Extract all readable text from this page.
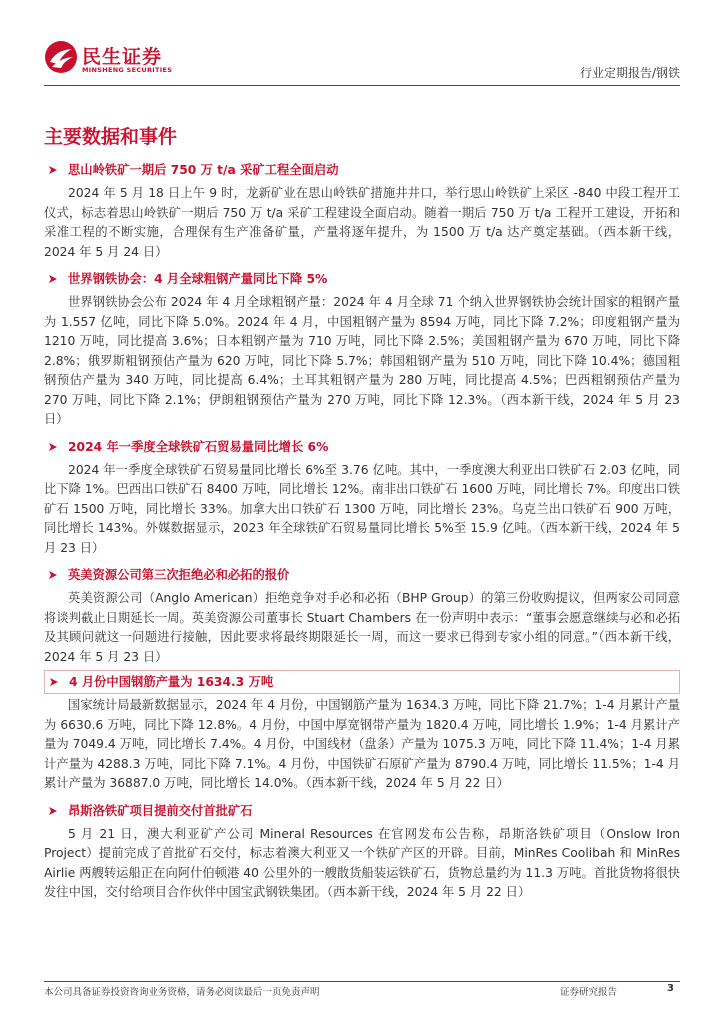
民生证券
MINSHENG SECURITIES	行业定期报告/钢铁
主要数据和事件
思山岭铁矿一期后 750 万 t/a 采矿工程全面启动

2024 年 5 月 18 日上午 9 时，龙新矿业在思山岭铁矿措施井井口，举行思山岭铁矿上采区 -840 中段工程开工仪式，标志着思山岭铁矿一期后 750 万 t/a 采矿工程建设全面启动。随着一期后 750 万 t/a 工程开工建设，开拓和采准工程的不断实施，合理保有生产准备矿量，产量将逐年提升，为 1500 万 t/a 达产奠定基础。（西本新干线，2024 年 5 月 24 日）

世界钢铁协会：4 月全球粗钢产量同比下降 5%

世界钢铁协会公布 2024 年 4 月全球粗钢产量：2024 年 4 月全球 71 个纳入世界钢铁协会统计国家的粗钢产量为 1.557 亿吨，同比下降 5.0%。2024 年 4 月，中国粗钢产量为 8594 万吨，同比下降 7.2%；印度粗钢产量为 1210 万吨，同比提高 3.6%；日本粗钢产量为 710 万吨，同比下降 2.5%；美国粗钢产量为 670 万吨，同比下降 2.8%；俄罗斯粗钢预估产量为 620 万吨，同比下降 5.7%；韩国粗钢产量为 510 万吨，同比下降 10.4%；德国粗钢预估产量为 340 万吨，同比提高 6.4%；土耳其粗钢产量为 280 万吨，同比提高 4.5%；巴西粗钢预估产量为 270 万吨，同比下降 2.1%；伊朗粗钢预估产量为 270 万吨，同比下降 12.3%。（西本新干线，2024 年 5 月 23 日）

2024 年一季度全球铁矿石贸易量同比增长 6%

2024 年一季度全球铁矿石贸易量同比增长 6%至 3.76 亿吨。其中，一季度澳大利亚出口铁矿石 2.03 亿吨，同比下降 1%。巴西出口铁矿石 8400 万吨，同比增长 12%。南非出口铁矿石 1600 万吨，同比增长 7%。印度出口铁矿石 1500 万吨，同比增长 33%。加拿大出口铁矿石 1300 万吨，同比增长 23%。乌克兰出口铁矿石 900 万吨，同比增长 143%。外媒数据显示，2023 年全球铁矿石贸易量同比增长 5%至 15.9 亿吨。（西本新干线，2024 年 5 月 23 日）

英美资源公司第三次拒绝必和必拓的报价

英美资源公司（Anglo American）拒绝竞争对手必和必拓（BHP Group）的第三份收购提议，但两家公司同意将谈判截止日期延长一周。英美资源公司董事长 Stuart Chambers 在一份声明中表示：“董事会愿意继续与必和必拓及其顾问就这一问题进行接触，因此要求将最终期限延长一周，而这一要求已得到专家小组的同意。”（西本新干线，2024 年 5 月 23 日）

4 月份中国钢筋产量为 1634.3 万吨

国家统计局最新数据显示，2024 年 4 月份，中国钢筋产量为 1634.3 万吨，同比下降 21.7%；1-4 月累计产量为 6630.6 万吨，同比下降 12.8%。4 月份，中国中厚宽钢带产量为 1820.4 万吨，同比增长 1.9%；1-4 月累计产量为 7049.4 万吨，同比增长 7.4%。4 月份，中国线材（盘条）产量为 1075.3 万吨，同比下降 11.4%；1-4 月累计产量为 4288.3 万吨，同比下降 7.1%。4 月份，中国铁矿石原矿产量为 8790.4 万吨，同比增长 11.5%；1-4 月累计产量为 36887.0 万吨，同比增长 14.0%。（西本新干线，2024 年 5 月 22 日）

昂斯洛铁矿项目提前交付首批矿石

5 月 21 日，澳大利亚矿产公司 Mineral Resources 在官网发布公告称，昂斯洛铁矿项目（Onslow Iron Project）提前完成了首批矿石交付，标志着澳大利亚又一个铁矿产区的开辟。目前，MinRes Coolibah 和 MinRes Airlie 两艘转运船正在向阿什伯顿港 40 公里外的一艘散货船装运铁矿石，货物总量约为 11.3 万吨。首批货物将很快发往中国，交付给项目合作伙伴中国宝武钢铁集团。（西本新干线，2024 年 5 月 22 日）

本公司具备证券投资咨询业务资格，请务必阅读最后一页免责声明	证券研究报告	3
